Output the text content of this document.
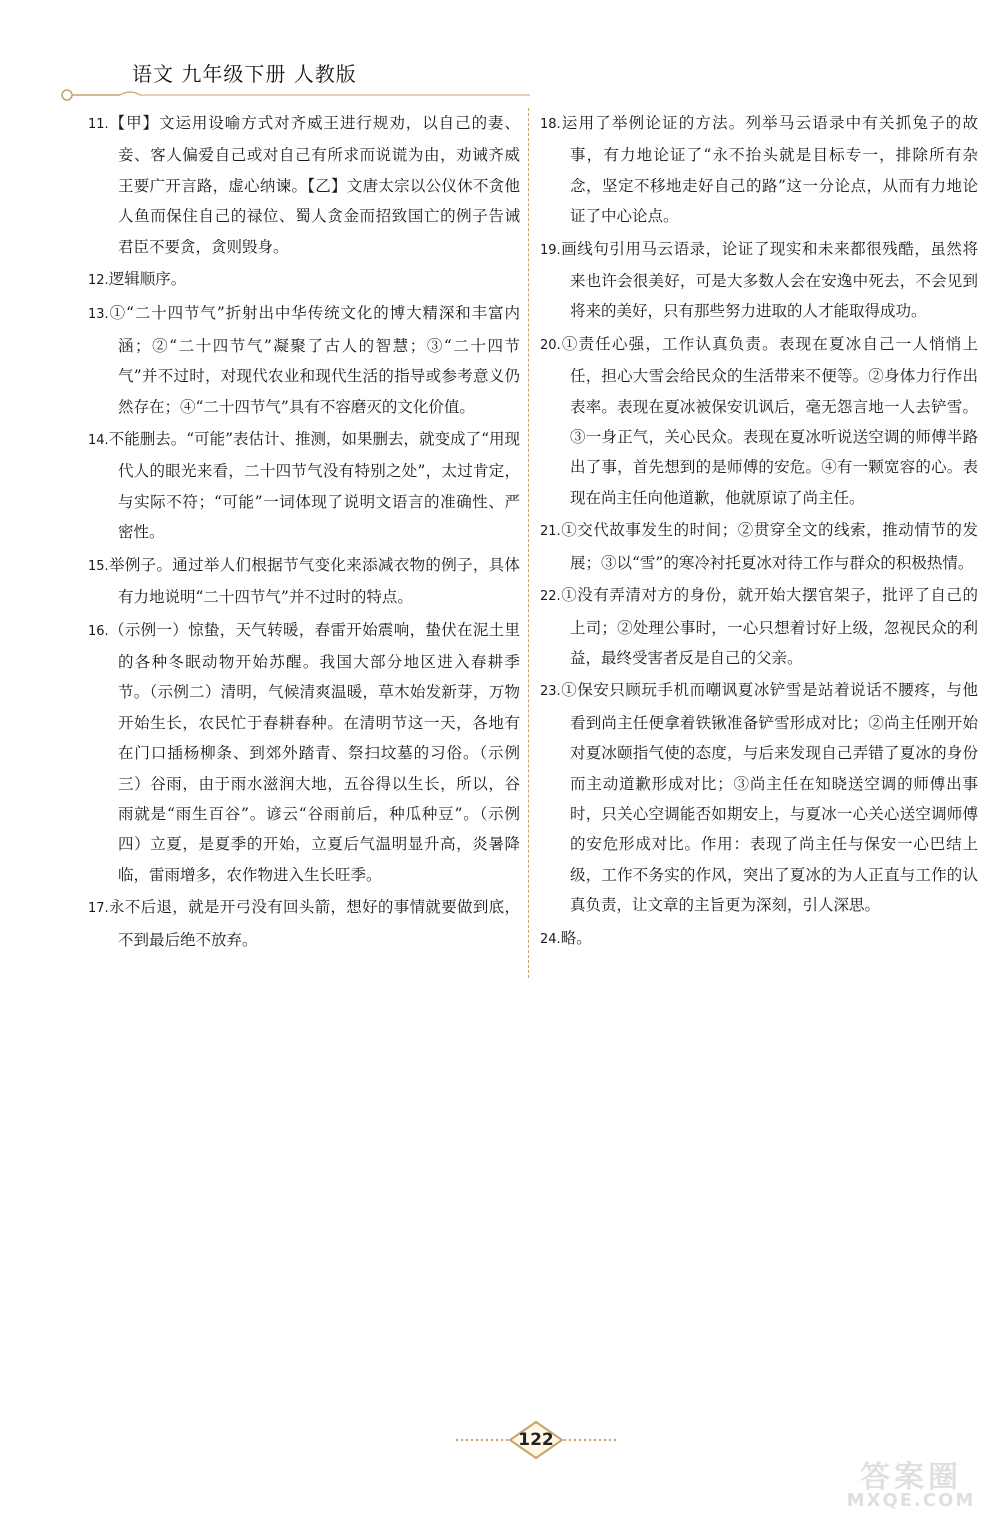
语文 九年级下册 人教版
11.【甲】文运用设喻方式对齐威王进行规劝，以自己的妻、妾、客人偏爱自己或对自己有所求而说谎为由，劝诫齐威王要广开言路，虚心纳谏。【乙】文唐太宗以公仪休不贪他人鱼而保住自己的禄位、蜀人贪金而招致国亡的例子告诫君臣不要贪，贪则毁身。
12.逻辑顺序。
13.①“二十四节气”折射出中华传统文化的博大精深和丰富内涵；②“二十四节气”凝聚了古人的智慧；③“二十四节气”并不过时，对现代农业和现代生活的指导或参考意义仍然存在；④“二十四节气”具有不容磨灭的文化价值。
14.不能删去。“可能”表估计、推测，如果删去，就变成了“用现代人的眼光来看，二十四节气没有特别之处”，太过肯定，与实际不符；“可能”一词体现了说明文语言的准确性、严密性。
15.举例子。通过举人们根据节气变化来添减衣物的例子，具体有力地说明“二十四节气”并不过时的特点。
16.（示例一）惊蛰，天气转暖，春雷开始震响，蛰伏在泥土里的各种冬眠动物开始苏醒。我国大部分地区进入春耕季节。（示例二）清明，气候清爽温暖，草木始发新芽，万物开始生长，农民忙于春耕春种。在清明节这一天，各地有在门口插杨柳条、到郊外踏青、祭扫坟墓的习俗。（示例三）谷雨，由于雨水滋润大地，五谷得以生长，所以，谷雨就是“雨生百谷”。谚云“谷雨前后，种瓜种豆”。（示例四）立夏，是夏季的开始，立夏后气温明显升高，炎暑降临，雷雨增多，农作物进入生长旺季。
17.永不后退，就是开弓没有回头箭，想好的事情就要做到底，不到最后绝不放弃。
18.运用了举例论证的方法。列举马云语录中有关抓兔子的故事，有力地论证了“永不抬头就是目标专一，排除所有杂念，坚定不移地走好自己的路”这一分论点，从而有力地论证了中心论点。
19.画线句引用马云语录，论证了现实和未来都很残酷，虽然将来也许会很美好，可是大多数人会在安逸中死去，不会见到将来的美好，只有那些努力进取的人才能取得成功。
20.①责任心强，工作认真负责。表现在夏冰自己一人悄悄上任，担心大雪会给民众的生活带来不便等。②身体力行作出表率。表现在夏冰被保安讥讽后，毫无怨言地一人去铲雪。③一身正气，关心民众。表现在夏冰听说送空调的师傅半路出了事，首先想到的是师傅的安危。④有一颗宽容的心。表现在尚主任向他道歉，他就原谅了尚主任。
21.①交代故事发生的时间；②贯穿全文的线索，推动情节的发展；③以“雪”的寒冷衬托夏冰对待工作与群众的积极热情。
22.①没有弄清对方的身份，就开始大摆官架子，批评了自己的上司；②处理公事时，一心只想着讨好上级，忽视民众的利益，最终受害者反是自己的父亲。
23.①保安只顾玩手机而嘲讽夏冰铲雪是站着说话不腰疼，与他看到尚主任便拿着铁锹准备铲雪形成对比；②尚主任刚开始对夏冰颐指气使的态度，与后来发现自己弄错了夏冰的身份而主动道歉形成对比；③尚主任在知晓送空调的师傅出事时，只关心空调能否如期安上，与夏冰一心关心送空调师傅的安危形成对比。作用：表现了尚主任与保安一心巴结上级，工作不务实的作风，突出了夏冰的为人正直与工作的认真负责，让文章的主旨更为深刻，引人深思。
24.略。
122
答案圈
MXQE.COM
